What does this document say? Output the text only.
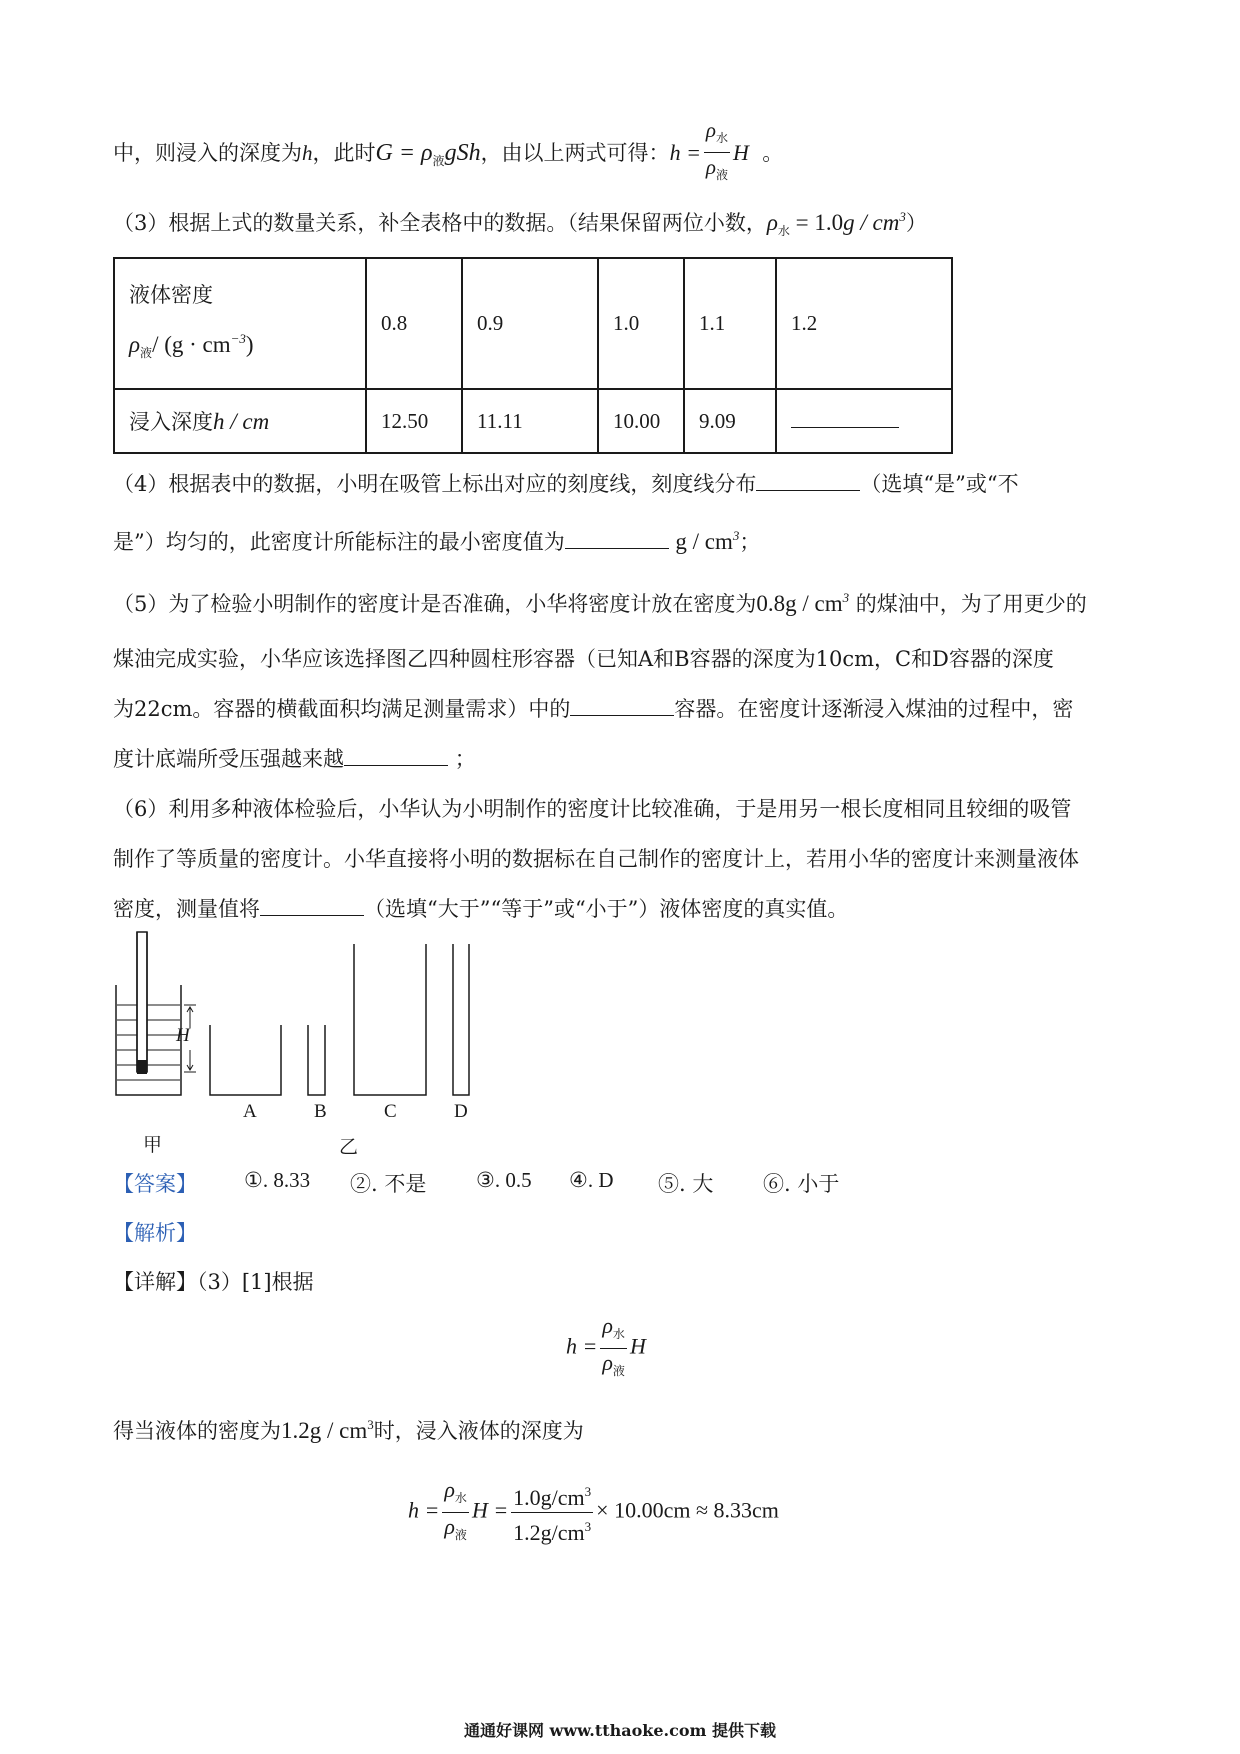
中，则浸入的深度为h，此时$G = \rho_液gSh$，由以上两式可得：$h = \frac{\rho_水}{\rho_液}$ H 。
（3）根据上式的数量关系，补全表格中的数据。（结果保留两位小数，$\rho_水 = 1.0g / cm^3$）
液体密度
$\rho_液/$ $(g \cdot cm^{-3})$	0.8	0.9	1.0	1.1	1.2
浸入深度h / cm	12.50	11.11	10.00	9.09	
（4）根据表中的数据，小明在吸管上标出对应的刻度线，刻度线分布	（选填“是”或“不
是”）均匀的，此密度计所能标注的最小密度值为	g / $cm^3$；
（5）为了检验小明制作的密度计是否准确，小华将密度计放在密度为$0.8g / cm^3$ 的煤油中，为了用更少的
煤油完成实验，小华应该选择图乙四种圆柱形容器（已知A和B容器的深度为10cm，C和D容器的深度
为22cm。容器的横截面积均满足测量需求）中的	容器。在密度计逐渐浸入煤油的过程中，密
度计底端所受压强越来越	；
（6）利用多种液体检验后，小华认为小明制作的密度计比较准确，于是用另一根长度相同且较细的吸管
制作了等质量的密度计。小华直接将小明的数据标在自己制作的密度计上，若用小华的密度计来测量液体
密度，测量值将	（选填“大于”“等于”或“小于”）液体密度的真实值。
H
A	B	C	D
甲	乙
【答案】 ①. 8.33 ②. 不是 ③. 0.5 ④. D ⑤. 大 ⑥. 小于
【解析】
【详解】（3）[1]根据
$h = \frac{\rho_水}{\rho_液}$ H
得当液体的密度为$1.2g / cm^3$时，浸入液体的深度为
$h = \frac{\rho_水}{\rho_液}$ $H = \frac{1.0g/cm^3}{1.2g/cm^3} \times 10.00cm \approx 8.33cm$
通通好课网 www.tthaoke.com 提供下载
